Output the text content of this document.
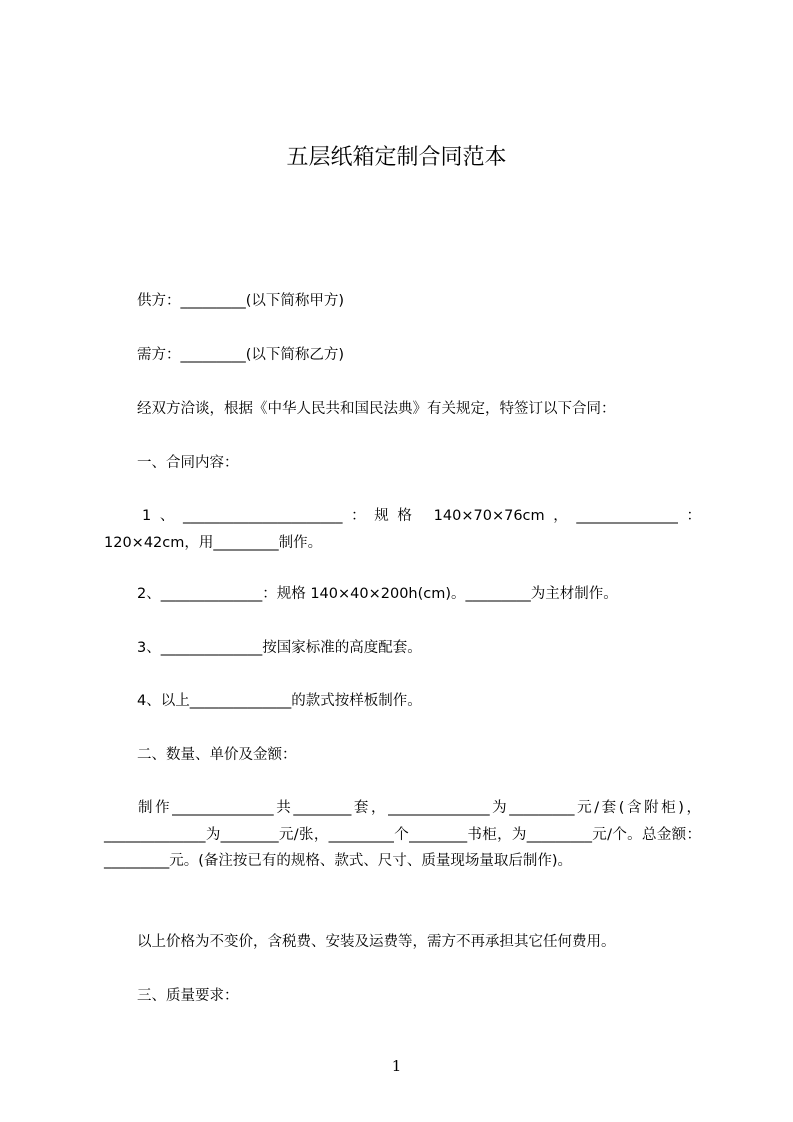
五层纸箱定制合同范本
供方：_________(以下简称甲方)
需方：_________(以下简称乙方)
经双方洽谈，根据《中华人民共和国民法典》有关规定，特签订以下合同：
一、合同内容：
1、______________________：规格 140×70×76cm，______________：120×42cm，用_________制作。
2、______________：规格 140×40×200h(cm)。_________为主材制作。
3、______________按国家标准的高度配套。
4、以上______________的款式按样板制作。
二、数量、单价及金额：
制作______________共________套，______________为_________元/套(含附柜)，______________为________元/张，_________个________书柜，为_________元/个。总金额：_________元。(备注按已有的规格、款式、尺寸、质量现场量取后制作)。
以上价格为不变价，含税费、安装及运费等，需方不再承担其它任何费用。
三、质量要求：
1
